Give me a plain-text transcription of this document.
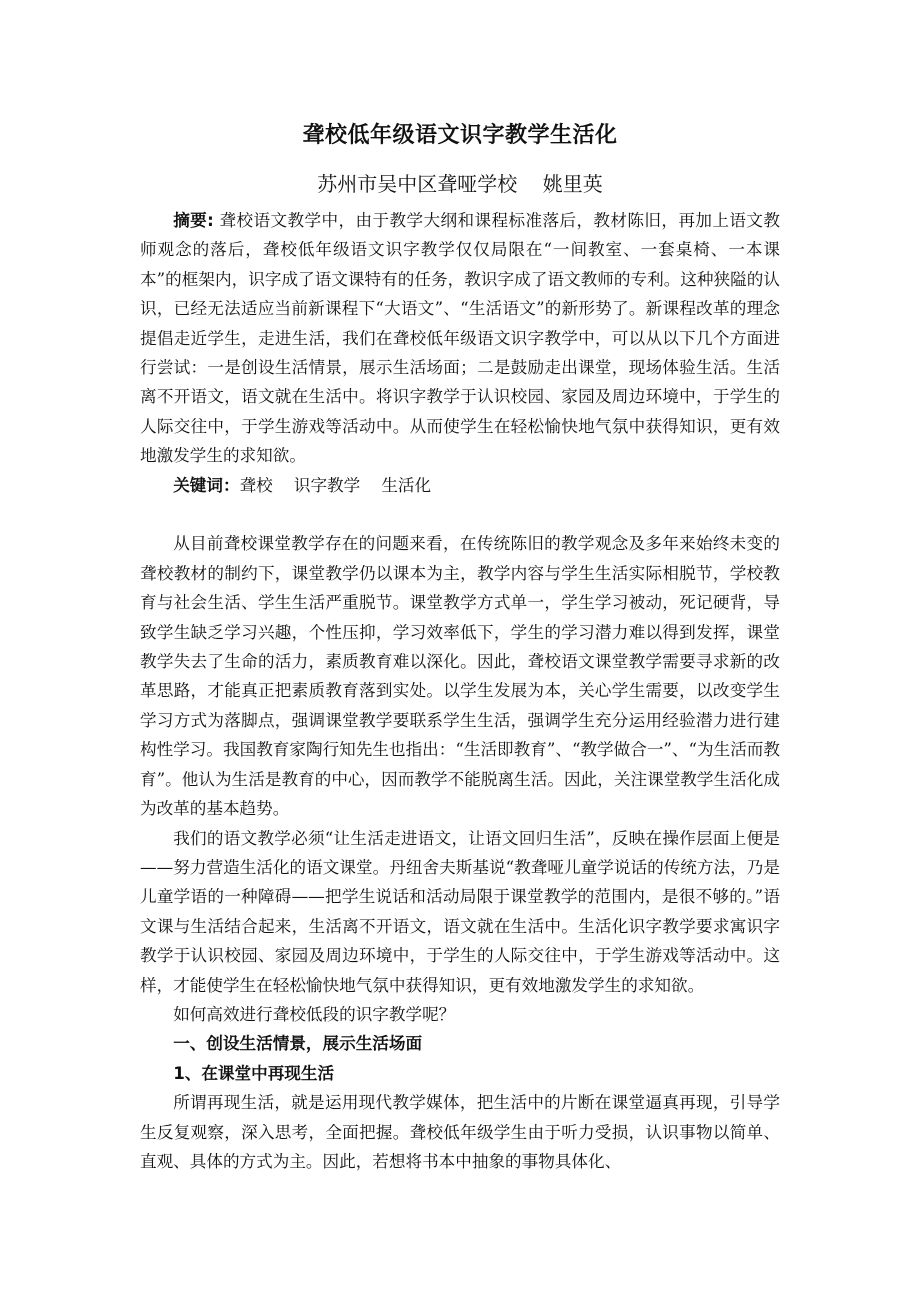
聋校低年级语文识字教学生活化
苏州市吴中区聋哑学校    姚里英

摘要: 聋校语文教学中，由于教学大纲和课程标准落后，教材陈旧，再加上语文教师观念的落后，聋校低年级语文识字教学仅仅局限在“一间教室、一套桌椅、一本课本”的框架内，识字成了语文课特有的任务，教识字成了语文教师的专利。这种狭隘的认识，已经无法适应当前新课程下“大语文”、“生活语文”的新形势了。新课程改革的理念提倡走近学生，走进生活，我们在聋校低年级语文识字教学中，可以从以下几个方面进行尝试：一是创设生活情景，展示生活场面；二是鼓励走出课堂，现场体验生活。生活离不开语文，语文就在生活中。将识字教学于认识校园、家园及周边环境中，于学生的人际交往中，于学生游戏等活动中。从而使学生在轻松愉快地气氛中获得知识，更有效地激发学生的求知欲。

关键词：聋校    识字教学    生活化

从目前聋校课堂教学存在的问题来看，在传统陈旧的教学观念及多年来始终未变的聋校教材的制约下，课堂教学仍以课本为主，教学内容与学生生活实际相脱节，学校教育与社会生活、学生生活严重脱节。课堂教学方式单一，学生学习被动，死记硬背，导致学生缺乏学习兴趣，个性压抑，学习效率低下，学生的学习潜力难以得到发挥，课堂教学失去了生命的活力，素质教育难以深化。因此，聋校语文课堂教学需要寻求新的改革思路，才能真正把素质教育落到实处。以学生发展为本，关心学生需要，以改变学生学习方式为落脚点，强调课堂教学要联系学生生活，强调学生充分运用经验潜力进行建构性学习。我国教育家陶行知先生也指出：“生活即教育”、“教学做合一”、“为生活而教育”。他认为生活是教育的中心，因而教学不能脱离生活。因此，关注课堂教学生活化成为改革的基本趋势。

我们的语文教学必须“让生活走进语文，让语文回归生活”，反映在操作层面上便是——努力营造生活化的语文课堂。丹纽舍夫斯基说“教聋哑儿童学说话的传统方法，乃是儿童学语的一种障碍——把学生说话和活动局限于课堂教学的范围内，是很不够的。”语文课与生活结合起来，生活离不开语文，语文就在生活中。生活化识字教学要求寓识字教学于认识校园、家园及周边环境中，于学生的人际交往中，于学生游戏等活动中。这样，才能使学生在轻松愉快地气氛中获得知识，更有效地激发学生的求知欲。

如何高效进行聋校低段的识字教学呢？

一、创设生活情景，展示生活场面

1、在课堂中再现生活

所谓再现生活，就是运用现代教学媒体，把生活中的片断在课堂逼真再现，引导学生反复观察，深入思考，全面把握。聋校低年级学生由于听力受损，认识事物以简单、直观、具体的方式为主。因此，若想将书本中抽象的事物具体化、
